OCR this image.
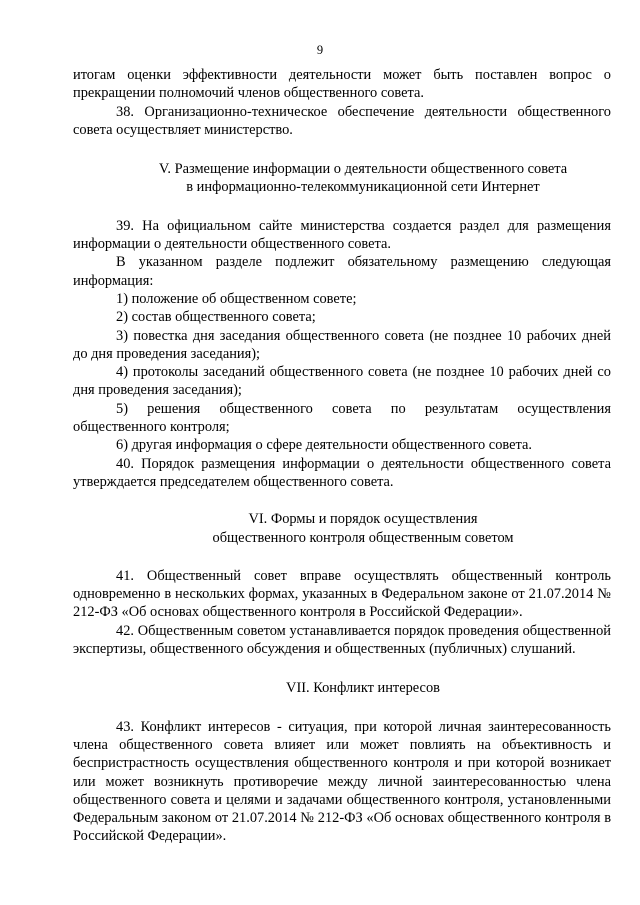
9

итогам оценки эффективности деятельности может быть поставлен вопрос о прекращении полномочий членов общественного совета.

38. Организационно-техническое обеспечение деятельности общественного совета осуществляет министерство.

V. Размещение информации о деятельности общественного совета
в информационно-телекоммуникационной сети Интернет

39. На официальном сайте министерства создается раздел для размещения информации о деятельности общественного совета.

В указанном разделе подлежит обязательному размещению следующая информация:

1) положение об общественном совете;

2) состав общественного совета;

3) повестка дня заседания общественного совета (не позднее 10 рабочих дней до дня проведения заседания);

4) протоколы заседаний общественного совета (не позднее 10 рабочих дней со дня проведения заседания);

5) решения общественного совета по результатам осуществления общественного контроля;

6) другая информация о сфере деятельности общественного совета.

40. Порядок размещения информации о деятельности общественного совета утверждается председателем общественного совета.

VI. Формы и порядок осуществления
общественного контроля общественным советом

41. Общественный совет вправе осуществлять общественный контроль одновременно в нескольких формах, указанных в Федеральном законе от 21.07.2014 № 212-ФЗ «Об основах общественного контроля в Российской Федерации».

42. Общественным советом устанавливается порядок проведения общественной экспертизы, общественного обсуждения и общественных (публичных) слушаний.

VII. Конфликт интересов

43. Конфликт интересов - ситуация, при которой личная заинтересованность члена общественного совета влияет или может повлиять на объективность и беспристрастность осуществления общественного контроля и при которой возникает или может возникнуть противоречие между личной заинтересованностью члена общественного совета и целями и задачами общественного контроля, установленными Федеральным законом от 21.07.2014 № 212-ФЗ «Об основах общественного контроля в Российской Федерации».
